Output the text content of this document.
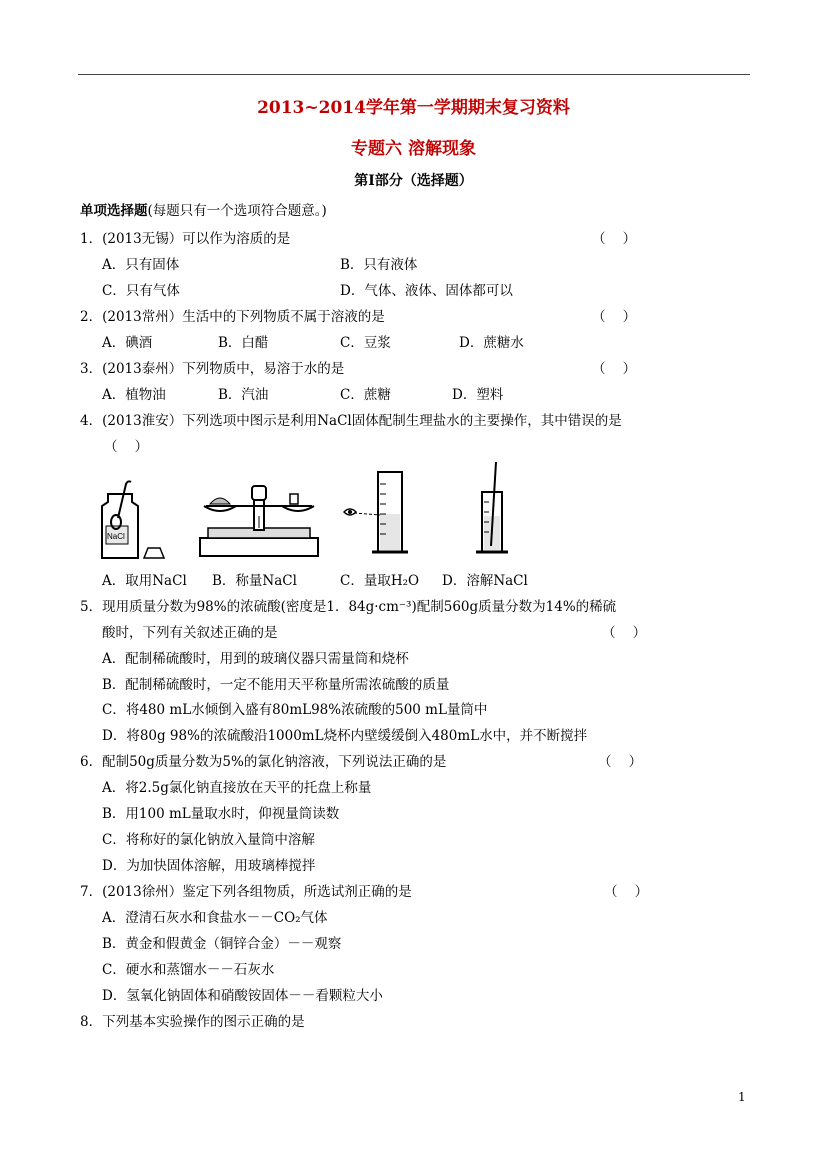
2013~2014学年第一学期期末复习资料
专题六 溶解现象
第Ⅰ部分（选择题）
单项选择题(每题只有一个选项符合题意。)
1．(2013无锡）可以作为溶质的是	（    ）
A．只有固体	B．只有液体
C．只有气体	D．气体、液体、固体都可以
2．(2013常州）生活中的下列物质不属于溶液的是	（    ）
A．碘酒	B．白醋	C．豆浆	D．蔗糖水
3．(2013泰州）下列物质中，易溶于水的是	（    ）
A．植物油	B．汽油	C．蔗糖	D．塑料
4．(2013淮安）下列选项中图示是利用NaCl固体配制生理盐水的主要操作，其中错误的是
（    ）
NaCl
A．取用NaCl B．称量NaCl	C．量取H₂O D．溶解NaCl
5．现用质量分数为98%的浓硫酸(密度是1．84g·cm⁻³)配制560g质量分数为14%的稀硫
酸时，下列有关叙述正确的是	（    ）
A．配制稀硫酸时，用到的玻璃仪器只需量筒和烧杯
B．配制稀硫酸时，一定不能用天平称量所需浓硫酸的质量
C．将480 mL水倾倒入盛有80mL98%浓硫酸的500 mL量筒中
D．将80g 98%的浓硫酸沿1000mL烧杯内壁缓缓倒入480mL水中，并不断搅拌
6．配制50g质量分数为5%的氯化钠溶液，下列说法正确的是	（    ）
A．将2.5g氯化钠直接放在天平的托盘上称量
B．用100 mL量取水时，仰视量筒读数
C．将称好的氯化钠放入量筒中溶解
D．为加快固体溶解，用玻璃棒搅拌
7．(2013徐州）鉴定下列各组物质，所选试剂正确的是	（    ）
A．澄清石灰水和食盐水－－CO₂气体
B．黄金和假黄金（铜锌合金）－－观察
C．硬水和蒸馏水－－石灰水
D．氢氧化钠固体和硝酸铵固体－－看颗粒大小
8．下列基本实验操作的图示正确的是
1
